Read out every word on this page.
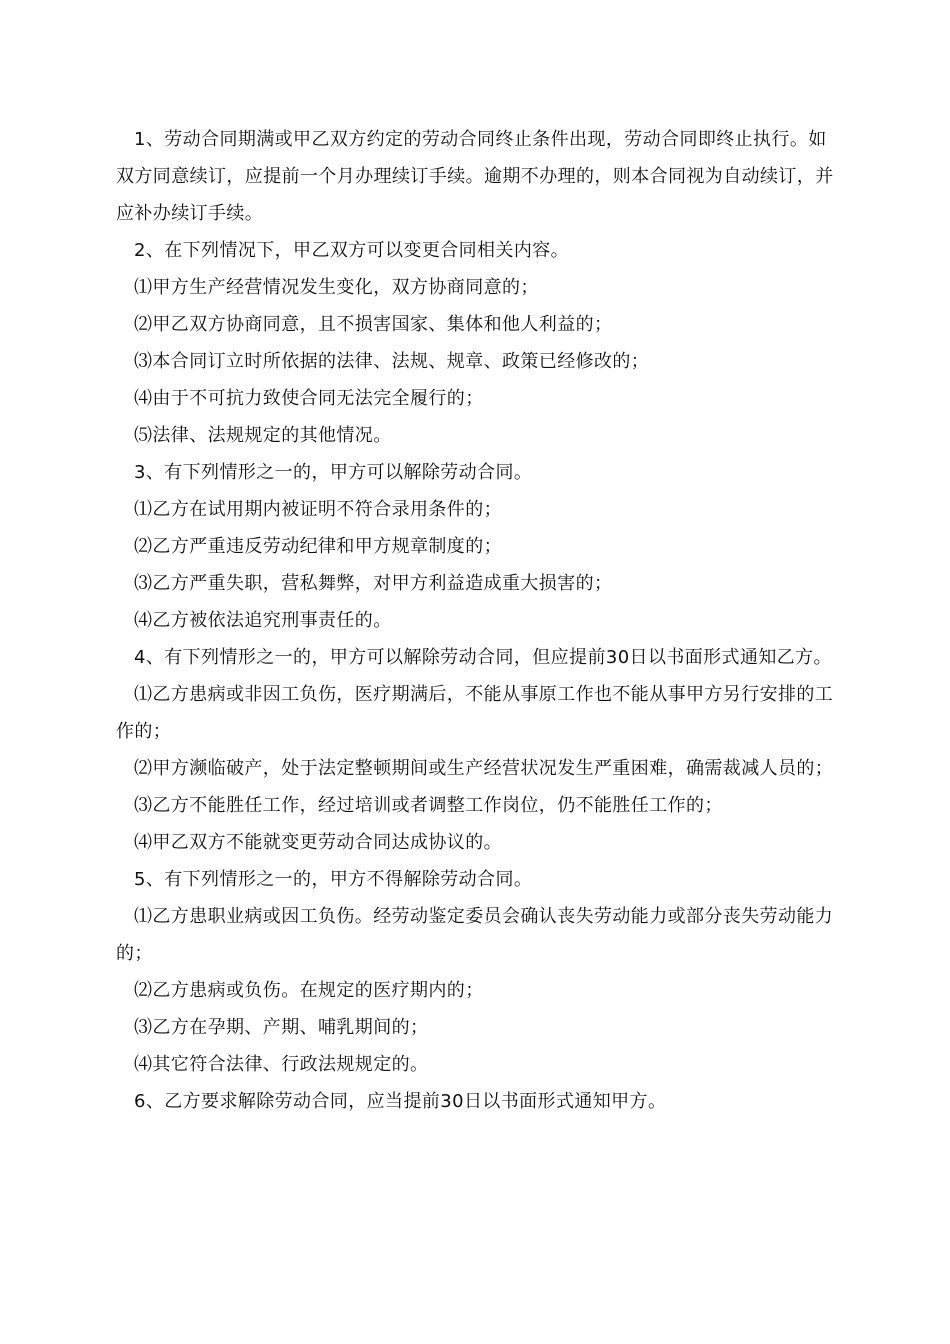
1、劳动合同期满或甲乙双方约定的劳动合同终止条件出现，劳动合同即终止执行。如双方同意续订，应提前一个月办理续订手续。逾期不办理的，则本合同视为自动续订，并应补办续订手续。

2、在下列情况下，甲乙双方可以变更合同相关内容。

⑴甲方生产经营情况发生变化，双方协商同意的；

⑵甲乙双方协商同意，且不损害国家、集体和他人利益的；

⑶本合同订立时所依据的法律、法规、规章、政策已经修改的；

⑷由于不可抗力致使合同无法完全履行的；

⑸法律、法规规定的其他情况。

3、有下列情形之一的，甲方可以解除劳动合同。

⑴乙方在试用期内被证明不符合录用条件的；

⑵乙方严重违反劳动纪律和甲方规章制度的；

⑶乙方严重失职，营私舞弊，对甲方利益造成重大损害的；

⑷乙方被依法追究刑事责任的。

4、有下列情形之一的，甲方可以解除劳动合同，但应提前30日以书面形式通知乙方。

⑴乙方患病或非因工负伤，医疗期满后，不能从事原工作也不能从事甲方另行安排的工作的；

⑵甲方濒临破产，处于法定整顿期间或生产经营状况发生严重困难，确需裁减人员的；

⑶乙方不能胜任工作，经过培训或者调整工作岗位，仍不能胜任工作的；

⑷甲乙双方不能就变更劳动合同达成协议的。

5、有下列情形之一的，甲方不得解除劳动合同。

⑴乙方患职业病或因工负伤。经劳动鉴定委员会确认丧失劳动能力或部分丧失劳动能力的；

⑵乙方患病或负伤。在规定的医疗期内的；

⑶乙方在孕期、产期、哺乳期间的；

⑷其它符合法律、行政法规规定的。

6、乙方要求解除劳动合同，应当提前30日以书面形式通知甲方。
